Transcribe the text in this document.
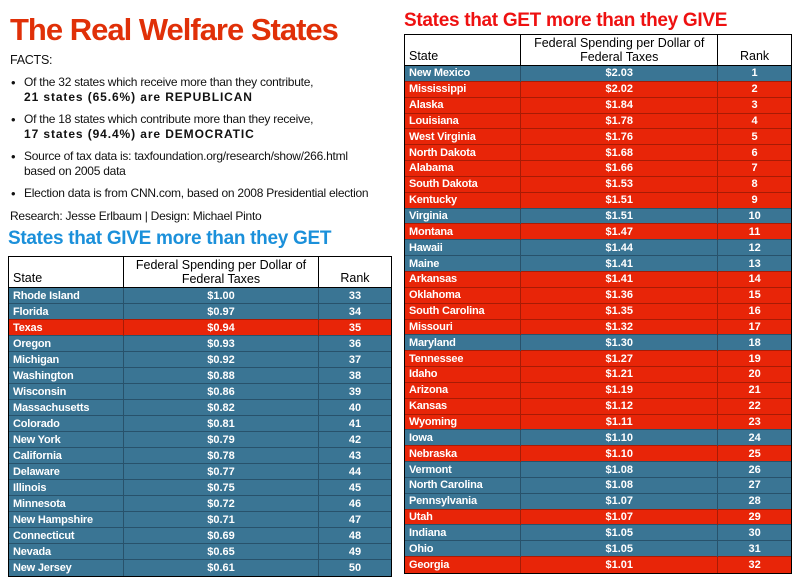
The Real Welfare States
FACTS:
• Of the 32 states which receive more than they contribute,
21 states (65.6%) are REPUBLICAN
• Of the 18 states which contribute more than they receive,
17 states (94.4%) are DEMOCRATIC
• Source of tax data is: taxfoundation.org/research/show/266.html
based on 2005 data
• Election data is from CNN.com, based on 2008 Presidential election
Research: Jesse Erlbaum | Design: Michael Pinto
States that GIVE more than they GET
State	Federal Spending per Dollar of
Federal Taxes	Rank
Rhode Island	$1.00	33
Florida	$0.97	34
Texas	$0.94	35
Oregon	$0.93	36
Michigan	$0.92	37
Washington	$0.88	38
Wisconsin	$0.86	39
Massachusetts	$0.82	40
Colorado	$0.81	41
New York	$0.79	42
California	$0.78	43
Delaware	$0.77	44
Illinois	$0.75	45
Minnesota	$0.72	46
New Hampshire	$0.71	47
Connecticut	$0.69	48
Nevada	$0.65	49
New Jersey	$0.61	50
States that GET more than they GIVE
State	Federal Spending per Dollar of
Federal Taxes	Rank
New Mexico	$2.03	1
Mississippi	$2.02	2
Alaska	$1.84	3
Louisiana	$1.78	4
West Virginia	$1.76	5
North Dakota	$1.68	6
Alabama	$1.66	7
South Dakota	$1.53	8
Kentucky	$1.51	9
Virginia	$1.51	10
Montana	$1.47	11
Hawaii	$1.44	12
Maine	$1.41	13
Arkansas	$1.41	14
Oklahoma	$1.36	15
South Carolina	$1.35	16
Missouri	$1.32	17
Maryland	$1.30	18
Tennessee	$1.27	19
Idaho	$1.21	20
Arizona	$1.19	21
Kansas	$1.12	22
Wyoming	$1.11	23
Iowa	$1.10	24
Nebraska	$1.10	25
Vermont	$1.08	26
North Carolina	$1.08	27
Pennsylvania	$1.07	28
Utah	$1.07	29
Indiana	$1.05	30
Ohio	$1.05	31
Georgia	$1.01	32
